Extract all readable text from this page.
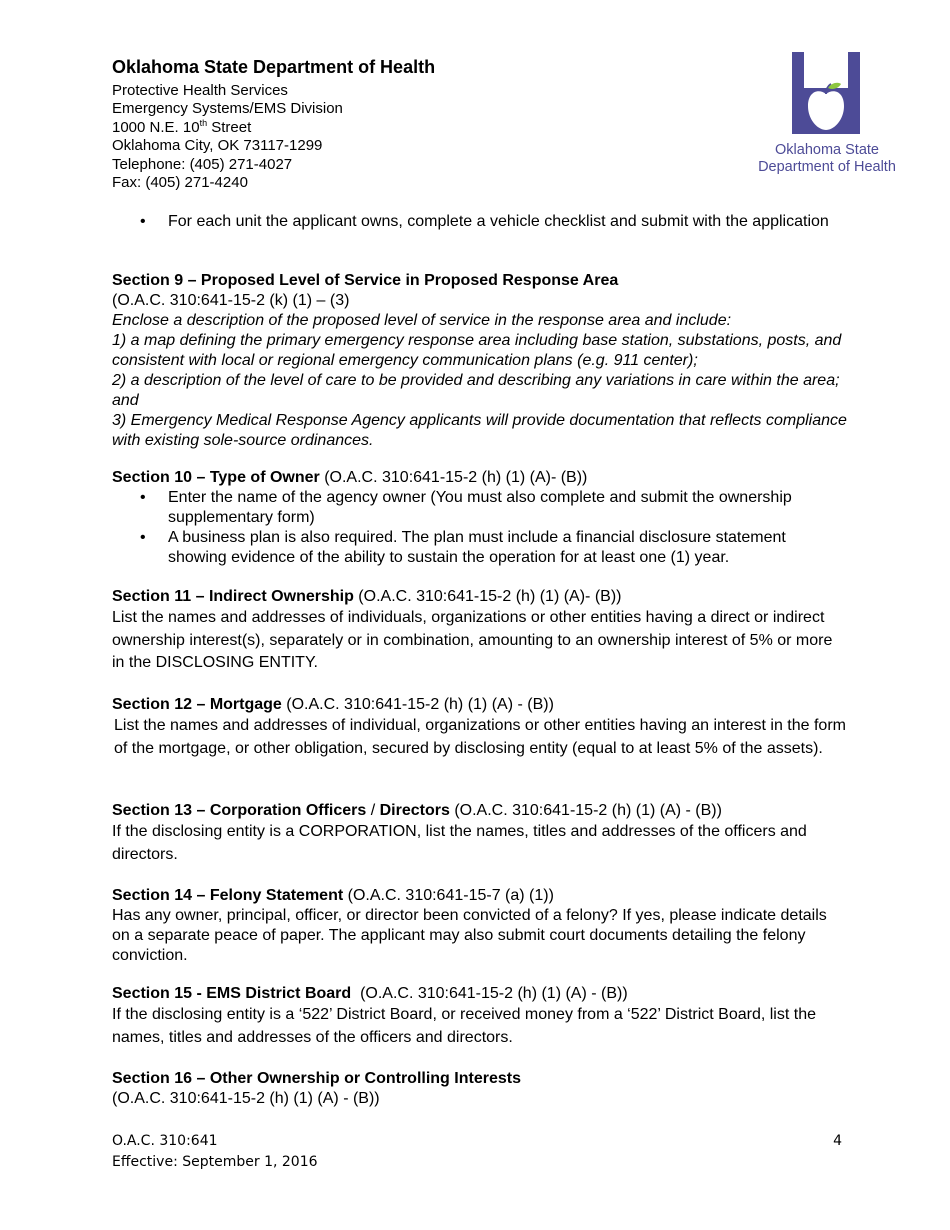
Oklahoma State Department of Health
Protective Health Services
Emergency Systems/EMS Division
1000 N.E. 10th Street
Oklahoma City, OK 73117-1299
Telephone: (405) 271-4027
Fax: (405) 271-4240
Oklahoma State
Department of Health
• For each unit the applicant owns, complete a vehicle checklist and submit with the application
Section 9 – Proposed Level of Service in Proposed Response Area
(O.A.C. 310:641-15-2 (k) (1) – (3)
Enclose a description of the proposed level of service in the response area and include:
1) a map defining the primary emergency response area including base station, substations, posts, and consistent with local or regional emergency communication plans (e.g. 911 center);
2) a description of the level of care to be provided and describing any variations in care within the area; and
3) Emergency Medical Response Agency applicants will provide documentation that reflects compliance with existing sole-source ordinances.
Section 10 – Type of Owner (O.A.C. 310:641-15-2 (h) (1) (A)- (B))
• Enter the name of the agency owner (You must also complete and submit the ownership supplementary form)
• A business plan is also required. The plan must include a financial disclosure statement showing evidence of the ability to sustain the operation for at least one (1) year.
Section 11 – Indirect Ownership (O.A.C. 310:641-15-2 (h) (1) (A)- (B))
List the names and addresses of individuals, organizations or other entities having a direct or indirect ownership interest(s), separately or in combination, amounting to an ownership interest of 5% or more in the DISCLOSING ENTITY.
Section 12 – Mortgage (O.A.C. 310:641-15-2 (h) (1) (A) - (B))
List the names and addresses of individual, organizations or other entities having an interest in the form of the mortgage, or other obligation, secured by disclosing entity (equal to at least 5% of the assets).
Section 13 – Corporation Officers / Directors (O.A.C. 310:641-15-2 (h) (1) (A) - (B))
If the disclosing entity is a CORPORATION, list the names, titles and addresses of the officers and directors.
Section 14 – Felony Statement (O.A.C. 310:641-15-7 (a) (1))
Has any owner, principal, officer, or director been convicted of a felony? If yes, please indicate details on a separate peace of paper. The applicant may also submit court documents detailing the felony conviction.
Section 15 - EMS District Board  (O.A.C. 310:641-15-2 (h) (1) (A) - (B))
If the disclosing entity is a ‘522’ District Board, or received money from a ‘522’ District Board, list the names, titles and addresses of the officers and directors.
Section 16 – Other Ownership or Controlling Interests
(O.A.C. 310:641-15-2 (h) (1) (A) - (B))
O.A.C. 310:641
Effective: September 1, 2016
4
